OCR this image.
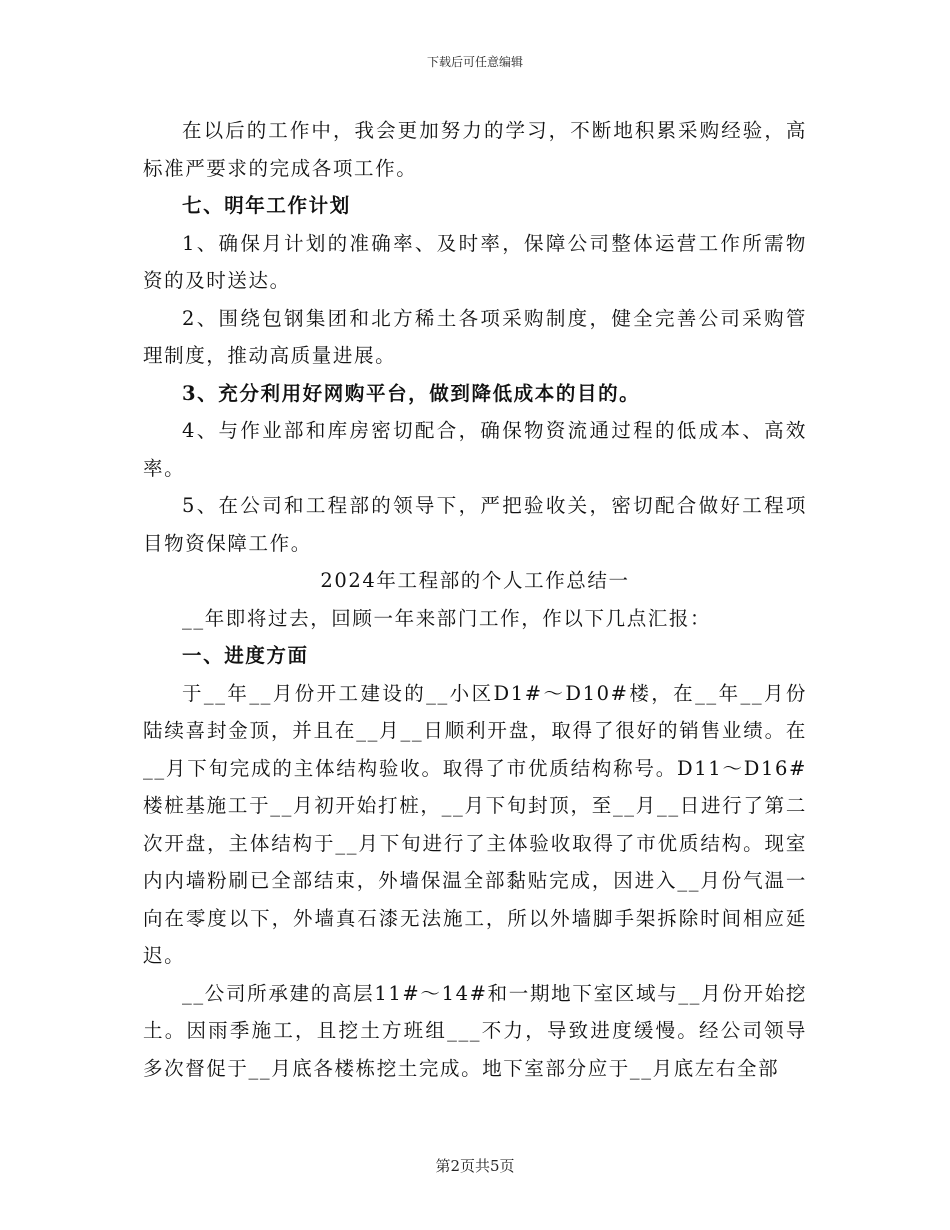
下载后可任意编辑

在以后的工作中，我会更加努力的学习，不断地积累采购经验，高标准严要求的完成各项工作。

七、明年工作计划

1、确保月计划的准确率、及时率，保障公司整体运营工作所需物资的及时送达。

2、围绕包钢集团和北方稀土各项采购制度，健全完善公司采购管理制度，推动高质量进展。

3、充分利用好网购平台，做到降低成本的目的。

4、与作业部和库房密切配合，确保物资流通过程的低成本、高效率。

5、在公司和工程部的领导下，严把验收关，密切配合做好工程项目物资保障工作。

2024年工程部的个人工作总结一

__年即将过去，回顾一年来部门工作，作以下几点汇报：

一、进度方面

于__年__月份开工建设的__小区D1#～D10#楼，在__年__月份陆续喜封金顶，并且在__月__日顺利开盘，取得了很好的销售业绩。在__月下旬完成的主体结构验收。取得了市优质结构称号。D11～D16#楼桩基施工于__月初开始打桩，__月下旬封顶，至__月__日进行了第二次开盘，主体结构于__月下旬进行了主体验收取得了市优质结构。现室内内墙粉刷已全部结束，外墙保温全部黏贴完成，因进入__月份气温一向在零度以下，外墙真石漆无法施工，所以外墙脚手架拆除时间相应延迟。

__公司所承建的高层11#～14#和一期地下室区域与__月份开始挖土。因雨季施工，且挖土方班组___不力，导致进度缓慢。经公司领导多次督促于__月底各楼栋挖土完成。地下室部分应于__月底左右全部

第2页共5页
